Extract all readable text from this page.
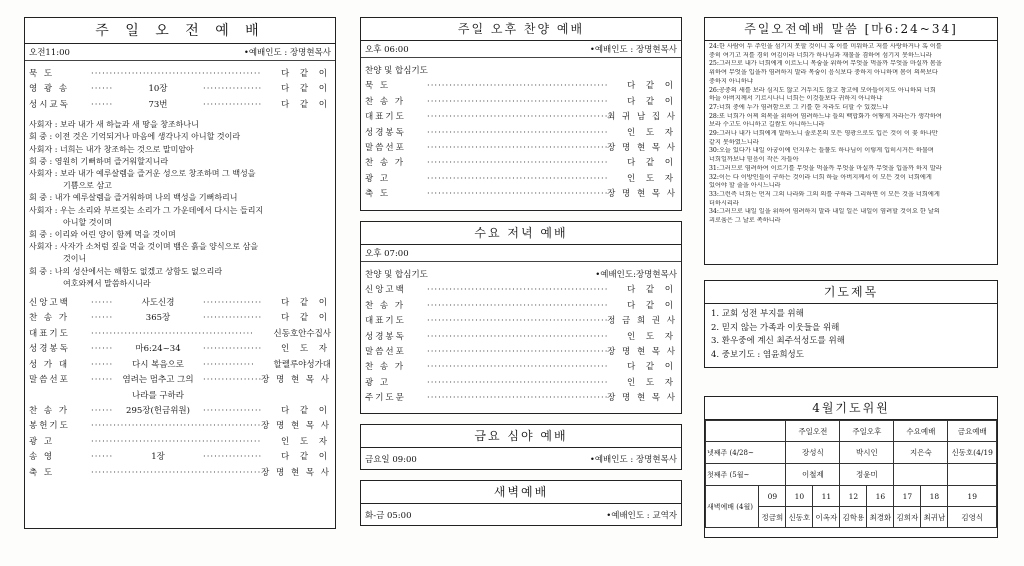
주 일 오 전 예 배
오전11:00	•예배인도 : 장명현목사
묵 도 ·····	다 같 이
영 광 송 ·····	10장 ·····	다 같 이
성시교독 ·····	73번 ·····	다 같 이
사회자 : 보라 내가 새 하늘과 새 땅을 창조하나니
회 중 : 이전 것은 기억되거나 마음에 생각나지 아니할 것이라
사회자 : 너희는 내가 창조하는 것으로 말미암아
회 중 : 영원히 기뻐하며 즐거워할지니라
사회자 : 보라 내가 예루살렘을 즐거운 성으로 창조하며 그 백성을
기쁨으로 삼고
회 중 : 내가 예루살렘을 즐거워하며 나의 백성을 기뻐하리니
사회자 : 우는 소리와 부르짖는 소리가 그 가운데에서 다시는 들리지
아니할 것이며
회 중 : 이리와 어린 양이 함께 먹을 것이며
사회자 : 사자가 소처럼 짚을 먹을 것이며 뱀은 흙을 양식으로 삼을
것이니
회 중 : 나의 성산에서는 해함도 없겠고 상함도 없으리라
여호와께서 말씀하시니라
신앙고백 ·····	사도신경 ·····	다 같 이
찬 송 가 ·····	365장 ·····	다 같 이
대표기도 ·····	신동호안수집사
성경봉독 ·····	마6:24~34 ·····	인 도 자
성 가 대 ·····	다시 복음으로 ·····	할렐루야성가대
말씀선포 ·····	염려는 멈추고 그의 ·····	장 명 현 목 사
나라를 구하라
찬 송 가 ·····	295장(헌금위원) ·····	다 같 이
봉헌기도 ·····	장 명 현 목 사
광 고 ·····	인 도 자
송 영 ·····	1장 ·····	다 같 이
축 도 ·····	장 명 현 목 사
주일 오후 찬양 예배
오후 06:00	•예배인도 : 장명현목사
찬양 및 합심기도
묵 도 ·····	다 같 이
찬 송 가 ·····	다 같 이
대표기도 ·····	최 귀 남 집 사
성경봉독 ·····	인 도 자
말씀선포 ·····	장 명 현 목 사
찬 송 가 ·····	다 같 이
광 고 ·····	인 도 자
축 도 ·····	장 명 현 목 사
수요 저녁 예배
오후 07:00
찬양 및 합심기도	•예배인도:장명현목사
신앙고백 ·····	다 같 이
찬 송 가 ·····	다 같 이
대표기도 ·····	정 금 희 권 사
성경봉독 ·····	인 도 자
말씀선포 ·····	장 명 현 목 사
찬 송 가 ·····	다 같 이
광 고 ·····	인 도 자
주기도문 ·····	장 명 현 목 사
금요 심야 예배
금요일 09:00	•예배인도 : 장명현목사
새벽예배
화-금 05:00	•예배인도 : 교역자
주일오전예배 말씀 [마6:24~34]
24:한 사람이 두 주인을 섬기지 못할 것이니 혹 이를 미워하고 저를 사랑하거나 혹 이를
중히 여기고 저를 경히 여김이라 너희가 하나님과 재물을 겸하여 섬기지 못하느니라
25:그러므로 내가 너희에게 이르노니 목숨을 위하여 무엇을 먹을까 무엇을 마실까 몸을
위하여 무엇을 입을까 염려하지 말라 목숨이 음식보다 중하지 아니하며 몸이 의복보다
중하지 아니하냐
26:공중의 새를 보라 심지도 않고 거두지도 않고 창고에 모아들이지도 아니하되 너희
하늘 아버지께서 기르시나니 너희는 이것들보다 귀하지 아니하냐
27:너희 중에 누가 염려함으로 그 키를 한 자라도 더할 수 있겠느냐
28:또 너희가 어찌 의복을 위하여 염려하느냐 들의 백합화가 어떻게 자라는가 생각하여
보라 수고도 아니하고 길쌈도 아니하느니라
29:그러나 내가 너희에게 말하노니 솔로몬의 모든 영광으로도 입은 것이 이 꽃 하나만
같지 못하였느니라
30:오늘 있다가 내일 아궁이에 던지우는 들풀도 하나님이 이렇게 입히시거든 하물며
너희일까보냐 믿음이 작은 자들아
31:그러므로 염려하여 이르기를 무엇을 먹을까 무엇을 마실까 무엇을 입을까 하지 말라
32:이는 다 이방인들이 구하는 것이라 너희 하늘 아버지께서 이 모든 것이 너희에게
있어야 할 줄을 아시느니라
33:그런즉 너희는 먼저 그의 나라와 그의 의를 구하라 그리하면 이 모든 것을 너희에게
더하시리라
34:그러므로 내일 일을 위하여 염려하지 말라 내일 일은 내일이 염려할 것이요 한 날의
괴로움은 그 날로 족하니라
기도제목
1. 교회 성전 부지를 위해
2. 믿지 않는 가족과 이웃들을 위해
3. 환우중에 계신 최주석성도를 위해
4. 중보기도 : 염윤희성도
4월기도위원
		주일오전		주일오후		수요예배		금요예배
넷째주 (4/28~		장성식		박시인		지은숙		신동호(4/19
첫째주 (5월~		이철제		정윤미				
새벽예배 (4월)	09	10	11	12	16	17	18	19
	정금희	신동호	이옥자	김학용	최경화	김희자	최귀남	김영식
